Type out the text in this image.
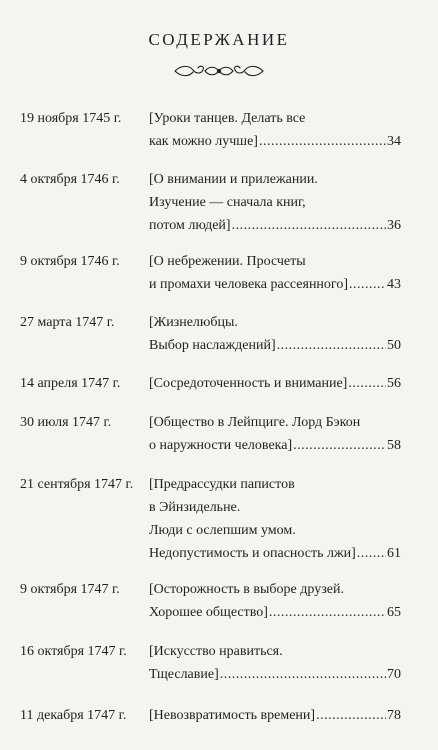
СОДЕРЖАНИЕ
19 ноября 1745 г. [Уроки танцев. Делать все
как можно лучше] .....	34
4 октября 1746 г. [О внимании и прилежании.
Изучение — сначала книг,
потом людей] .....	36
9 октября 1746 г. [О небрежении. Просчеты
и промахи человека рассеянного] .....	43
27 марта 1747 г. [Жизнелюбцы.
Выбор наслаждений] .....	50
14 апреля 1747 г. [Сосредоточенность и внимание] .....	56
30 июля 1747 г.	[Общество в Лейпциге. Лорд Бэкон
о наружности человека] .....	58
21 сентября 1747 г. [Предрассудки папистов
в Эйнзидельне.
Люди с ослепшим умом.
Недопустимость и опасность лжи] ..... 61
9 октября 1747 г. [Осторожность в выборе друзей.
Хорошее общество] .....	65
16 октября 1747 г. [Искусство нравиться.
Тщеславие] .....	70
11 декабря 1747 г. [Невозвратимость времени] .....	78
